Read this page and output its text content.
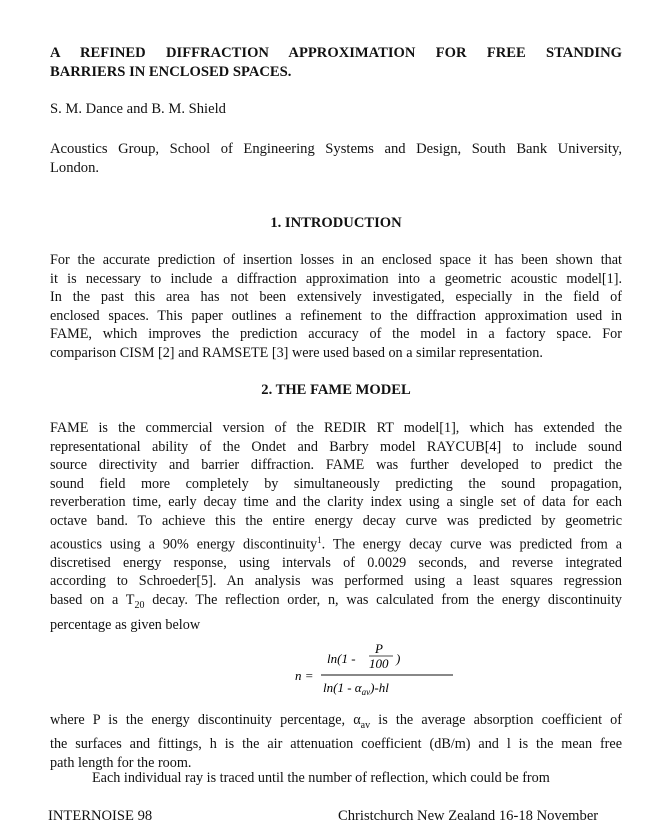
A REFINED DIFFRACTION APPROXIMATION FOR FREE STANDING
BARRIERS IN ENCLOSED SPACES.
S. M. Dance and B. M. Shield
Acoustics Group, School of Engineering Systems and Design, South Bank University,
London.
1. INTRODUCTION
For the accurate prediction of insertion losses in an enclosed space it has been shown that
it is necessary to include a diffraction approximation into a geometric acoustic model[1].
In the past this area has not been extensively investigated, especially in the field of
enclosed spaces. This paper outlines a refinement to the diffraction approximation used in
FAME, which improves the prediction accuracy of the model in a factory space. For
comparison CISM [2] and RAMSETE [3] were used based on a similar representation.
2. THE FAME MODEL
FAME is the commercial version of the REDIR RT model[1], which has extended the
representational ability of the Ondet and Barbry model RAYCUB[4] to include sound
source directivity and barrier diffraction. FAME was further developed to predict the
sound field more completely by simultaneously predicting the sound propagation,
reverberation time, early decay time and the clarity index using a single set of data for each
octave band. To achieve this the entire energy decay curve was predicted by geometric
acoustics using a 90% energy discontinuity$^1$. The energy decay curve was predicted from a
discretised energy response, using intervals of 0.0029 seconds, and reverse integrated
according to Schroeder[5]. An analysis was performed using a least squares regression
based on a $T_{20}$ decay. The reflection order, n, was calculated from the energy discontinuity
percentage as given below
n =
ln(1 -
P
100 )
$\ln(1 - \alpha_{av})-hl$
where P is the energy discontinuity percentage, $\alpha_{av}$ is the average absorption coefficient of
the surfaces and fittings, h is the air attenuation coefficient (dB/m) and l is the mean free
path length for the room.
Each individual ray is traced until the number of reflection, which could be from
INTERNOISE 98	Christchurch New Zealand 16-18 November
